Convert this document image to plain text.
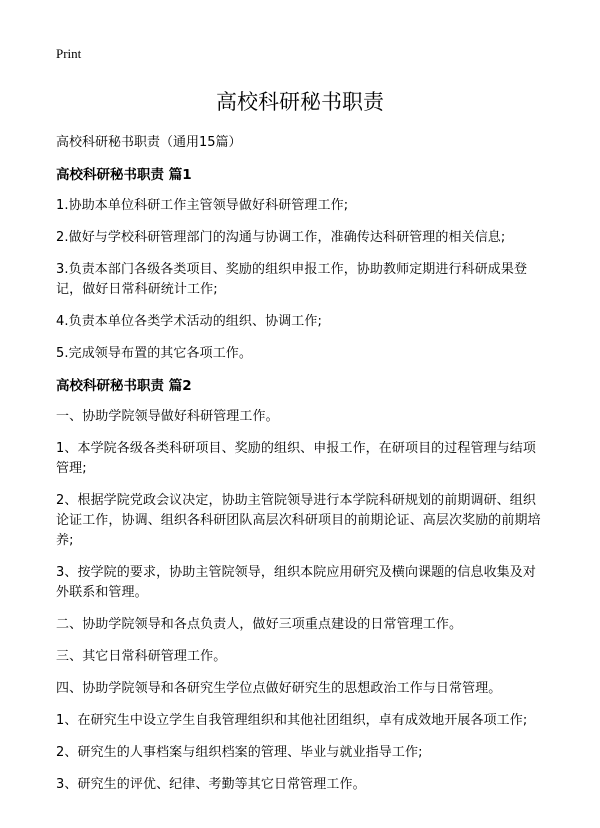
Print
高校科研秘书职责
高校科研秘书职责（通用15篇）
高校科研秘书职责 篇1
1.协助本单位科研工作主管领导做好科研管理工作;
2.做好与学校科研管理部门的沟通与协调工作，准确传达科研管理的相关信息;
3.负责本部门各级各类项目、奖励的组织申报工作，协助教师定期进行科研成果登记，做好日常科研统计工作;
4.负责本单位各类学术活动的组织、协调工作;
5.完成领导布置的其它各项工作。
高校科研秘书职责 篇2
一、协助学院领导做好科研管理工作。
1、本学院各级各类科研项目、奖励的组织、申报工作，在研项目的过程管理与结项管理;
2、根据学院党政会议决定，协助主管院领导进行本学院科研规划的前期调研、组织论证工作，协调、组织各科研团队高层次科研项目的前期论证、高层次奖励的前期培养;
3、按学院的要求，协助主管院领导，组织本院应用研究及横向课题的信息收集及对外联系和管理。
二、协助学院领导和各点负责人，做好三项重点建设的日常管理工作。
三、其它日常科研管理工作。
四、协助学院领导和各研究生学位点做好研究生的思想政治工作与日常管理。
1、在研究生中设立学生自我管理组织和其他社团组织，卓有成效地开展各项工作;
2、研究生的人事档案与组织档案的管理、毕业与就业指导工作;
3、研究生的评优、纪律、考勤等其它日常管理工作。
